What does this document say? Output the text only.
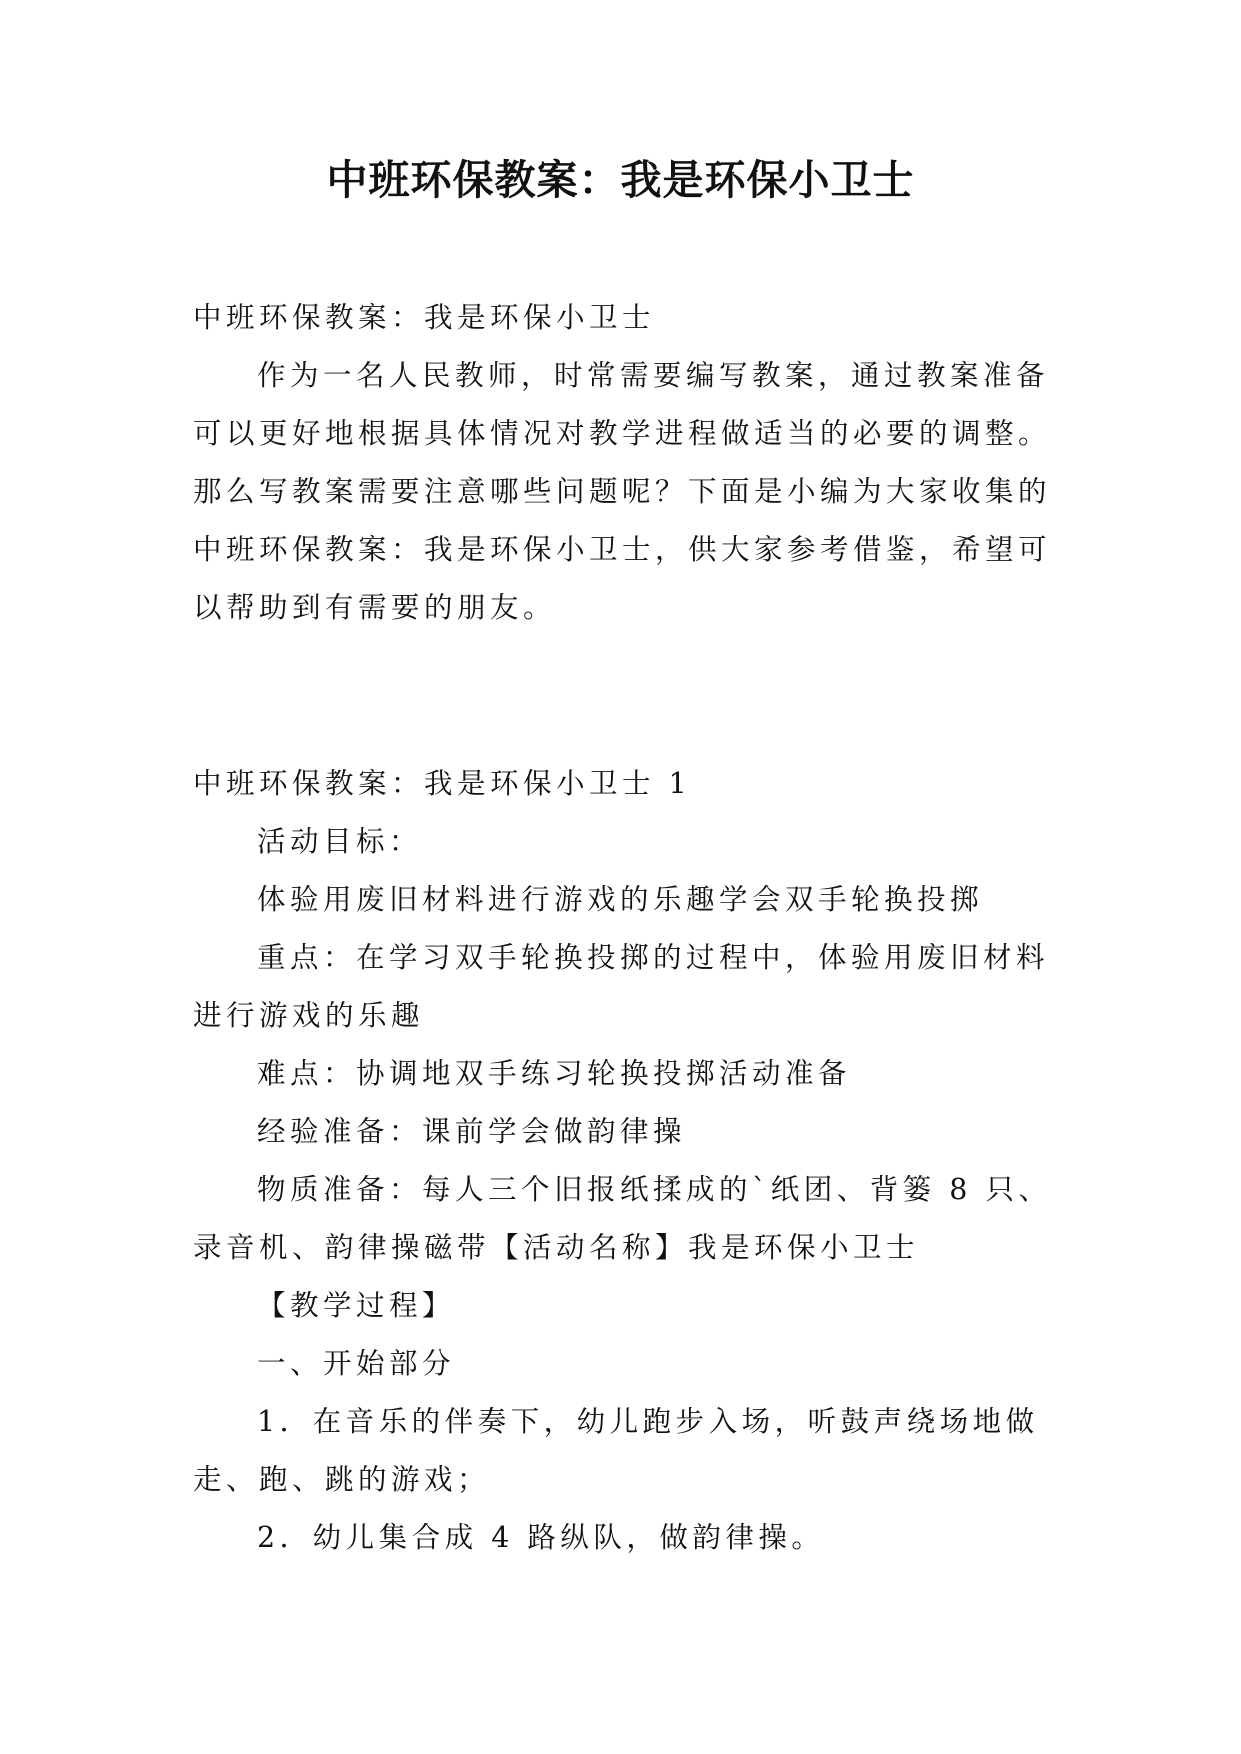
中班环保教案：我是环保小卫士

中班环保教案：我是环保小卫士

作为一名人民教师，时常需要编写教案，通过教案准备可以更好地根据具体情况对教学进程做适当的必要的调整。那么写教案需要注意哪些问题呢？下面是小编为大家收集的中班环保教案：我是环保小卫士，供大家参考借鉴，希望可以帮助到有需要的朋友。

中班环保教案：我是环保小卫士 1

活动目标：

体验用废旧材料进行游戏的乐趣学会双手轮换投掷

重点：在学习双手轮换投掷的过程中，体验用废旧材料进行游戏的乐趣

难点：协调地双手练习轮换投掷活动准备

经验准备：课前学会做韵律操

物质准备：每人三个旧报纸揉成的`纸团、背篓 8 只、录音机、韵律操磁带【活动名称】我是环保小卫士

【教学过程】

一、开始部分

1．在音乐的伴奏下，幼儿跑步入场，听鼓声绕场地做走、跑、跳的游戏；

2．幼儿集合成 4 路纵队，做韵律操。
